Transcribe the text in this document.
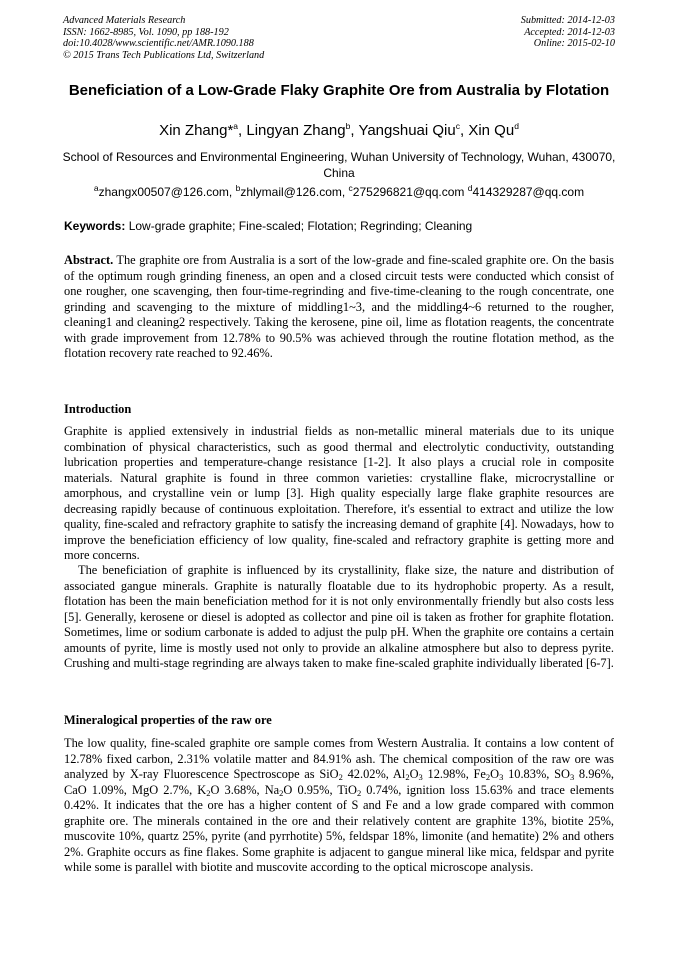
Advanced Materials Research
ISSN: 1662-8985, Vol. 1090, pp 188-192
doi:10.4028/www.scientific.net/AMR.1090.188
© 2015 Trans Tech Publications Ltd, Switzerland
Submitted: 2014-12-03
Accepted: 2014-12-03
Online: 2015-02-10
Beneficiation of a Low-Grade Flaky Graphite Ore from Australia by Flotation
Xin Zhang*$^a$, Lingyan Zhang$^b$, Yangshuai Qiu$^c$, Xin Qu$^d$
School of Resources and Environmental Engineering, Wuhan University of Technology, Wuhan, 430070, China
$^a$zhangx00507@126.com, $^b$zhlymail@126.com, $^c$275296821@qq.com $^d$414329287@qq.com
Keywords: Low-grade graphite; Fine-scaled; Flotation; Regrinding; Cleaning
Abstract. The graphite ore from Australia is a sort of the low-grade and fine-scaled graphite ore. On the basis of the optimum rough grinding fineness, an open and a closed circuit tests were conducted which consist of one rougher, one scavenging, then four-time-regrinding and five-time-cleaning to the rough concentrate, one grinding and scavenging to the mixture of middling1~3, and the middling4~6 returned to the rougher, cleaning1 and cleaning2 respectively. Taking the kerosene, pine oil, lime as flotation reagents, the concentrate with grade improvement from 12.78% to 90.5% was achieved through the routine flotation method, as the flotation recovery rate reached to 92.46%.
Introduction
Graphite is applied extensively in industrial fields as non-metallic mineral materials due to its unique combination of physical characteristics, such as good thermal and electrolytic conductivity, outstanding lubrication properties and temperature-change resistance [1-2]. It also plays a crucial role in composite materials. Natural graphite is found in three common varieties: crystalline flake, microcrystalline or amorphous, and crystalline vein or lump [3]. High quality especially large flake graphite resources are decreasing rapidly because of continuous exploitation. Therefore, it's essential to extract and utilize the low quality, fine-scaled and refractory graphite to satisfy the increasing demand of graphite [4]. Nowadays, how to improve the beneficiation efficiency of low quality, fine-scaled and refractory graphite is getting more and more concerns.
The beneficiation of graphite is influenced by its crystallinity, flake size, the nature and distribution of associated gangue minerals. Graphite is naturally floatable due to its hydrophobic property. As a result, flotation has been the main beneficiation method for it is not only environmentally friendly but also costs less [5]. Generally, kerosene or diesel is adopted as collector and pine oil is taken as frother for graphite flotation. Sometimes, lime or sodium carbonate is added to adjust the pulp pH. When the graphite ore contains a certain amounts of pyrite, lime is mostly used not only to provide an alkaline atmosphere but also to depress pyrite. Crushing and multi-stage regrinding are always taken to make fine-scaled graphite individually liberated [6-7].
Mineralogical properties of the raw ore
The low quality, fine-scaled graphite ore sample comes from Western Australia. It contains a low content of 12.78% fixed carbon, 2.31% volatile matter and 84.91% ash. The chemical composition of the raw ore was analyzed by X-ray Fluorescence Spectroscope as SiO$_2$ 42.02%, $Al_2O_3$ 12.98%, $Fe_2O_3$ 10.83%, $SO_3$ 8.96%, CaO 1.09%, MgO 2.7%, $K_2O$ 3.68%, $Na_2O$ 0.95%, TiO$_2$ 0.74%, ignition loss 15.63% and trace elements 0.42%. It indicates that the ore has a higher content of S and Fe and a low grade compared with common graphite ore. The minerals contained in the ore and their relatively content are graphite 13%, biotite 25%, muscovite 10%, quartz 25%, pyrite (and pyrrhotite) 5%, feldspar 18%, limonite (and hematite) 2% and others 2%. Graphite occurs as fine flakes. Some graphite is adjacent to gangue mineral like mica, feldspar and pyrite while some is parallel with biotite and muscovite according to the optical microscope analysis.
